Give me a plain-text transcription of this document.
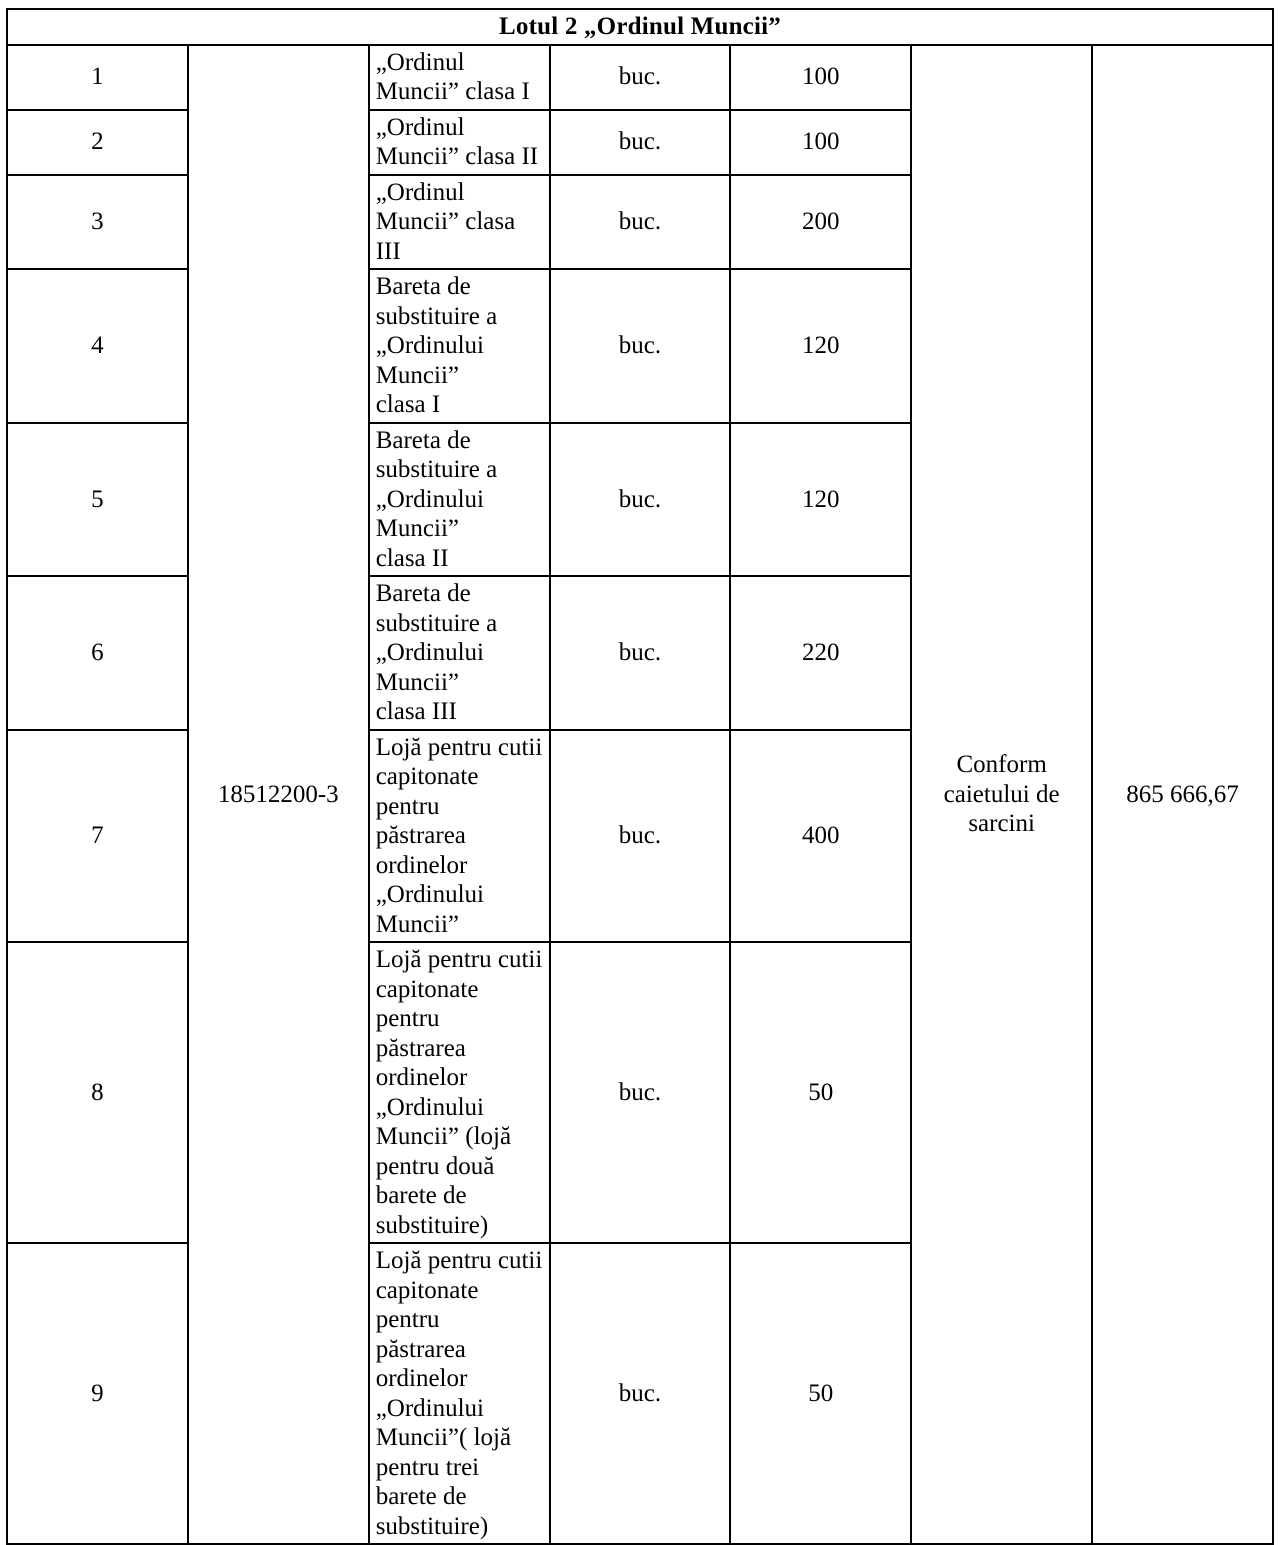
Lotul 2 „Ordinul Muncii”						
1	18512200-3	„Ordinul Muncii” clasa I	buc.	100	Conform
caietului de
sarcini	865 666,67
2		„Ordinul Muncii” clasa II	buc.	100		
3		„Ordinul Muncii” clasa III	buc.	200		
4		Bareta de substituire a „Ordinului
Muncii”
clasa I	buc.	120		
5		Bareta de substituire a „Ordinului
Muncii”
clasa II	buc.	120		
6		Bareta de substituire a „Ordinului
Muncii”
clasa III	buc.	220		
7		Lojă pentru cutii capitonate pentru
păstrarea ordinelor „Ordinului
Muncii”	buc.	400		
8		Lojă pentru cutii capitonate pentru
păstrarea ordinelor „Ordinului
Muncii” (lojă pentru două barete de
substituire)	buc.	50		
9		Lojă pentru cutii capitonate pentru
păstrarea ordinelor „Ordinului
Muncii”( lojă pentru trei barete de
substituire)	buc.	50		
